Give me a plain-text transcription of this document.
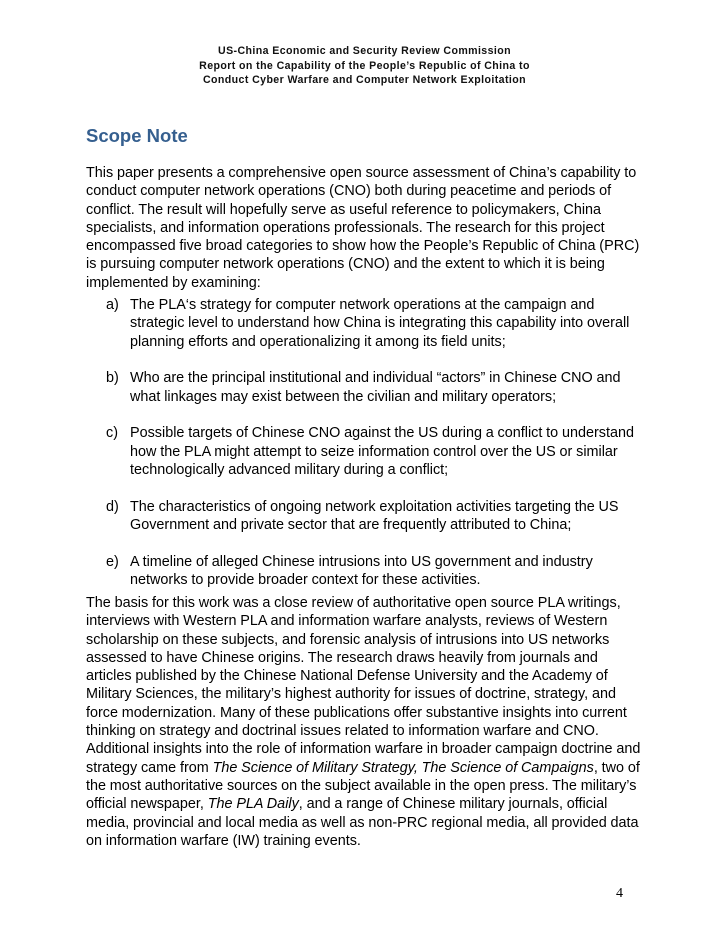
US-China Economic and Security Review Commission
Report on the Capability of the People’s Republic of China to
Conduct Cyber Warfare and Computer Network Exploitation
Scope Note
This paper presents a comprehensive open source assessment of China’s capability to conduct computer network operations (CNO) both during peacetime and periods of conflict. The result will hopefully serve as useful reference to policymakers, China specialists, and information operations professionals. The research for this project encompassed five broad categories to show how the People’s Republic of China (PRC) is pursuing computer network operations (CNO) and the extent to which it is being implemented by examining:
a) The PLA‘s strategy for computer network operations at the campaign and strategic level to understand how China is integrating this capability into overall planning efforts and operationalizing it among its field units;
b) Who are the principal institutional and individual “actors” in Chinese CNO and what linkages may exist between the civilian and military operators;
c) Possible targets of Chinese CNO against the US during a conflict to understand how the PLA might attempt to seize information control over the US or similar technologically advanced military during a conflict;
d) The characteristics of ongoing network exploitation activities targeting the US Government and private sector that are frequently attributed to China;
e) A timeline of alleged Chinese intrusions into US government and industry networks to provide broader context for these activities.
The basis for this work was a close review of authoritative open source PLA writings, interviews with Western PLA and information warfare analysts, reviews of Western scholarship on these subjects, and forensic analysis of intrusions into US networks assessed to have Chinese origins. The research draws heavily from journals and articles published by the Chinese National Defense University and the Academy of Military Sciences, the military’s highest authority for issues of doctrine, strategy, and force modernization. Many of these publications offer substantive insights into current thinking on strategy and doctrinal issues related to information warfare and CNO. Additional insights into the role of information warfare in broader campaign doctrine and strategy came from The Science of Military Strategy, The Science of Campaigns, two of the most authoritative sources on the subject available in the open press. The military’s official newspaper, The PLA Daily, and a range of Chinese military journals, official media, provincial and local media as well as non-PRC regional media, all provided data on information warfare (IW) training events.
4
